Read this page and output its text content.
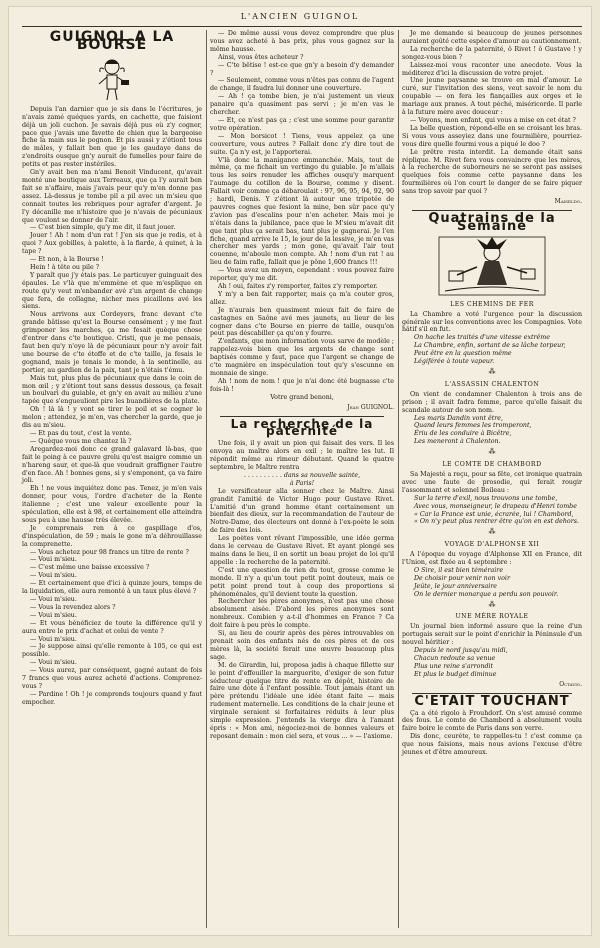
L'ANCIEN GUIGNOL
GUIGNOL A LA BOURSE

Depuis l'an darnier que je sis dans le l'écritures, je n'avais zamé quéques yards, en cachette, que faisiont déjà un joli cuchon. Je savais déjà pus où z'y cogner, pace que j'avais une favette de chien que la bargeoise fiche la main sus le pognon. Et pis aussi y z'étiont tous de mâles, y fallait ben que je les gaudaye dans de z'endroits ousque gn'y aurait de fumelles pour faire de petits et pas rester instériles.

Gn'y avait ben ma n'ami Benoit Vinducent, qu'avait monté une boutique aux Terreaux, que ça l'y aurait ben fait se n'affaire, mais j'avais peur qu'y m'en donne pas assez. Là-dessus je tombe pil a pil avec un m'sieu que connait toutes les rebriques pour agrafer d'argent. Je l'y décanille me n'histoire que je n'avais de pécuniaux que voulont se donner de l'air.

— C'est bien simple, qu'y me dit, il faut jouer.

Jouer ! Ah ! nom d'un rat ! J'en sis que je redis, et à quoi ? Aux gobilles, à palette, à la fiarde, à quinet, à la tape ?

— Et non, à la Bourse !

Hein ! à tête ou pile ?

Y paraît que j'y étais pas. Le particuyer guinguait des épaules. Le v'là que m'emmène et que m'esplique en route qu'y veut m'enbander avé z'un argent de change que fera, de collagne, nicher mes picaillons avé les siens.

Nous arrivons aux Cordeyers, franc devant c'te grande bâtisse qu'est la Bourse censément ; y me faut grimponer les marches, ça me fesait quèque chose d'entrer dans c'te boutique. Cristi, que je me pensais, faut ben qu'y n'oye là de pécuniaux pour n'y avoir fait une bourse de c'te étoffe et de c'te taille, ja fesais le gognand, mais je tenais le monde, à la sentinelle, au portier, au gardien de la paix, tant je n'étais t'ému.

Mais tut, plus plus de pécuniaux que dans le coin de mon œil ; y z'étiont tout sans dessus dessous, ça fesait un boulvari du guiable, et gn'y en avait au milieu z'une tapée que s'engueuliont pire les buandières de la plate.

Oh ! là là ! y vont se tirer le poil et se cogner le melon ; attendez, je m'en, vas chercher la garde, que je dis au m'sieu.

— Et pas du tout, c'est la vente.

— Quéque vous me chantez là ?

Aregardez-moi donc ce grand galavard là-bas, que fait le poing à ce pauvre grelu qu'est maigre comme un n'hareng saur, et que-là que voudrait graffigner l'autre d'en face. Ah ! bonnes gens, si y s'emponent, ça va faire joli.

Eh ! ne vous inquiétez donc pas. Tenez, je m'en vais donner, pour vous, l'ordre d'acheter de la Rente italienne ; c'est une valeur excellente pour la spéculation, elle est à 98, et certainement elle atteindra sous peu à une hausse très élevée.

Je comprenais ren à ce gaspillage d'os, d'inspéculation, de 59 ; mais le gone m'a déhrouillasse la comprenette.

— Vous achetez pour 98 francs un titre de rente ?

— Voui m'sieu.

— C'est même une baisse excessive ?

— Voui m'sieu.

— Et certainement que d'ici à quinze jours, temps de la liquidation, elle aura remonté à un taux plus élevé ?

— Voui m'sieu.

— Vous la revendez alors ?

— Voui m'sieu.

— Et vous bénéficiez de toute la différence qu'il y aura entre le prix d'achat et celui de vente ?

— Voui m'sieu.

— Je suppose ainsi qu'elle remonte à 105, ce qui est possible.

— Voui m'sieu.

— Vous aurez, par conséquent, gagné autant de fois 7 francs que vous aurez acheté d'actions. Comprenez-vous ?

— Pardine ! Oh ! je comprends toujours quand y faut empocher.

— De même aussi vous devez comprendre que plus vous avez acheté à bas prix, plus vous gagnez sur la même hausse.

Ainsi, vous êtes acheteur ?

— C'te bêtise ! est-ce que gn'y a besoin d'y demander ?

— Seulement, comme vous n'êtes pas connu de l'agent de change, il faudra lui donner une couverture.

— Ah ! ça tombe bien, je n'ai justement un vieux panaire qu'a quasiment pas servi ; je m'en vas le chercher.

— Et, ce n'est pas ça ; c'est une somme pour garantir votre opération.

— Mon borsicot ! Tiens, vous appelez ça une couverture, vous autres ? Fallait donc z'y dire tout de suite. Ça n'y est, je l'apporterai.

V'là donc la manigance emmanchée. Mais, tout de même, ça me fichait un vertingo du guiable. Je m'allais tous les soirs renuder les affiches ousqu'y marquent l'aumage du cotillon de la Bourse, comme y disent. Fallait voir comme ça débaroulait : 97, 96, 95, 94, 92, 90 ; hardi, Denis. Y z'étiont là autour une tripotée de pauvres cognes que fesiont la mine, ben sûr pace qu'y z'avion pas d'escalins pour n'en acheter. Mais moi je n'étais dans la jubilance, pace que le M'sieu m'avait dit que tant plus ça serait bas, tant plus je gagnerai. Je l'en fiche, quand arrive le 15, le jour de la lessive, je m'en vas chercher mes yards ; mon gone, qu'avait l'air tout couenne, m'aboule mon compte. Ah ! nom d'un rat ! au lieu de faim rafle, fallait que je pône 1,600 francs !!!

— Vous avez un moyen, cependant : vous pouvez faire reporter, qu'y me dit.

Ah ! oui, faites z'y remporter, faites z'y remporter.

Y m'y a ben fait rapporter, mais ça m'a couter gros, allez.

Je n'aurais ben quasiment mieux fait de faire de castagnes en Saône avé mes jaunets, au lieur de les cogner dans c'te Bourse en pierre de taille, ousqu'on peut pas déscabiller ça qu'on y fourre.

Z'enfants, que mon information vous sarve de modèle ; rappelez-vois bien que les argents de change sont baptisés comme y faut, pace que l'argent se change de c'te magnière en inspéculation tout qu'y s'escunne en monnaie de singe.

Ah ! nom de nom ! que je n'ai donc été bugnasse c'te fois-là !

Votre grand benoni,

Jean GUIGNOL.
La recherche de la paternité

Une fois, il y avait un pion qui faisait des vers. Il les envoya au maître alors en exil ; le maître les lut. Il répondit même au rimeur débutant. Quand le quatre septembre, le Maître rentra

. . . . . . . . . . dans sa nouvelle sainte,

à Paris!

Le versificateur alla sonner chez le Maître. Ainsi grandit l'amitié de Victor Hugo pour Gustave Rivet. L'amitié d'un grand homme étant certainement un bienfait des dieux, sur la recommandation de l'auteur de Notre-Dame, des électeurs ont donné à l'ex-poète le soin de faire des lois.

Les poètes vont rêvant l'impossible, une idée germa dans le cerveau de Gustave Rivet. Et ayant plongé ses mains dans le lieu, il en sortit un beau projet de loi qu'il appelle : la recherche de la paternité.

C'est une question de rien du tout, grosse comme le monde. Il n'y a qu'un tout petit point douteux, mais ce petit point prend tout à coup des proportions si phénoménales, qu'il devient toute la question.

Rechercher les pères anonymes, n'est pas une chose absolument aisée. D'abord les pères anonymes sont nombreux. Combien y a-t-il d'hommes en France ? Ca doit faire à peu près le compte.

Si, au lieu de courir après des pères introuvables on prenait soin des enfants nés de ces pères et de ces mères là, la société ferait une œuvre beaucoup plus sage.

M. de Girardin, lui, proposa jadis à chaque fillette sur le point d'effeuiller la marguerite, d'exiger de son futur séducteur quelque titre de rente en dépôt, histoire de faire une dote à l'enfant possible. Tout jamais étant un père prétendu l'idéale une idée étant faite — mais rudement maternelle. Les conditions de la chair jeune et virginale seraient si forfaitaires réduits à leur plus simple expression. J'entends la vierge dira à l'amant épris : « Mon ami, négociez-moi de bonnes valeurs et reposant demain : mon ciel sera, et vous ... » — l'axiome.

Je me demande si beaucoup de jeunes personnes auraient goûté cette espèce d'amour au cautionnement.

La recherche de la paternité, ô Rivet ! ô Gustave ! y songez-vous bien ?

Laissez-moi vous raconter une anecdote. Vous la méditerez d'ici la discussion de votre projet.

Une jeune paysanne se trouve en mal d'amour. Le curé, sur l'invitation des siens, veut savoir le nom du coupable — on fera les fiançailles aux orges et le mariage aux pranes. A tout péché, miséricorde. Il parle à la future mère avec douceur :

— Voyons, mon enfant, qui vous a mise en cet état ?

La belle question, répond-elle en se croisant les bras. Si vous vous asseyiez dans une fourmilière, pourriez-vous dire quelle fourmi vous a piqué le doo ?

Le prêtre resta interdit. La demande était sans réplique. M. Rivet fera vous convaincre que les mères, à la recherche de suborneurs ne se seront pas assises quelques fois comme cette paysanne dans les fourmilières où l'on court le danger de se faire piquer sans trop savoir par quoi ?

Maiseldo.
Quatrains de la Semaine
LES CHEMINS DE FER

La Chambre a voté l'urgence pour la discussion générale sur les conventions avec les Compagnies. Vote hâtif s'il en fut.

On hache les traités d'une vitesse extrême

La Chambre, enfin, sortant de sa lâche torpeur,

Peut être en la question même

Légiférée à toute vapeur.

⁂
L'ASSASSIN CHALENTON

On vient de condamner Chalenton à trois ans de prison ; il avait fadra femme, parce qu'elle faisait du scandale autour de son nom.

Les maris Dandin vont être,

Quand leurs femmes les tromperont,

Ériu de les conduire à Bicêtre,

Les meneront à Chalenton.

⁂
LE COMTE DE CHAMBORD

Sa Majesté a reçu, pour sa fête, cet ironique quatrain avec une faute de prosodie, qui ferait rougir l'assommant et solennel Boileau :

Sur la terre d'exil, nous trouvons une tombe,

Avec vous, monseigneur, le drapeau d'Henri tombe

« Car la France est unie, écrarée, lui ! Chambord,

« On n'y peut plus rentrer être qu'on en est dehors.

⁂
VOYAGE D'ALPHONSE XII

A l'époque du voyage d'Alphonse XII en France, dit l'Union, est fixée au 4 septembre :

O Sire, il est bien téméraire

De choisir pour venir non voir

Jeûte, le jour anniversaire

On le dernier monarque a perdu son pouvoir.

⁂
UNE MÈRE ROYALE

Un journal bien informé assure que la reine d'un portugais serait sur le point d'enrichir la Péninsule d'un nouvel héritier :

Depuis le nord jusqu'au midi,

Chacun redoute sa venue

Plus une reine s'arrondit

Et plus le budget diminue

Octavio.
C'ETAIT TOUCHANT

Ça a été rigolo à Frouhdorf. On s'est amusé comme des fous. Le comte de Chambord a absolument voulu faire boire le comte de Paris dans son verre.

Dis donc, ceuréte, te rappelles-tu ! c'est comme ça que nous faisions, mais nous avions l'excuse d'être jeunes et d'être amoureux.
